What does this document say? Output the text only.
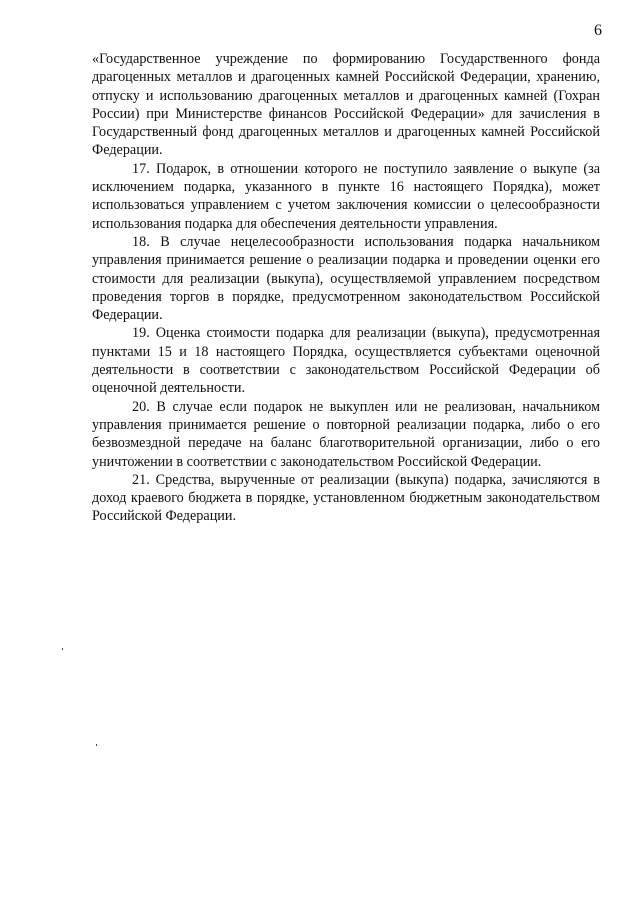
6

«Государственное учреждение по формированию Государственного фонда драгоценных металлов и драгоценных камней Российской Федерации, хранению, отпуску и использованию драгоценных металлов и драгоценных камней (Гохран России) при Министерстве финансов Российской Федерации» для зачисления в Государственный фонд драгоценных металлов и драгоценных камней Российской Федерации.

17. Подарок, в отношении которого не поступило заявление о выкупе (за исключением подарка, указанного в пункте 16 настоящего Порядка), может использоваться управлением с учетом заключения комиссии о целесообразности использования подарка для обеспечения деятельности управления.

18. В случае нецелесообразности использования подарка начальником управления принимается решение о реализации подарка и проведении оценки его стоимости для реализации (выкупа), осуществляемой управлением посредством проведения торгов в порядке, предусмотренном законодательством Российской Федерации.

19. Оценка стоимости подарка для реализации (выкупа), предусмотренная пунктами 15 и 18 настоящего Порядка, осуществляется субъектами оценочной деятельности в соответствии с законодательством Российской Федерации об оценочной деятельности.

20. В случае если подарок не выкуплен или не реализован, начальником управления принимается решение о повторной реализации подарка, либо о его безвозмездной передаче на баланс благотворительной организации, либо о его уничтожении в соответствии с законодательством Российской Федерации.

21. Средства, вырученные от реализации (выкупа) подарка, зачисляются в доход краевого бюджета в порядке, установленном бюджетным законодательством Российской Федерации.
